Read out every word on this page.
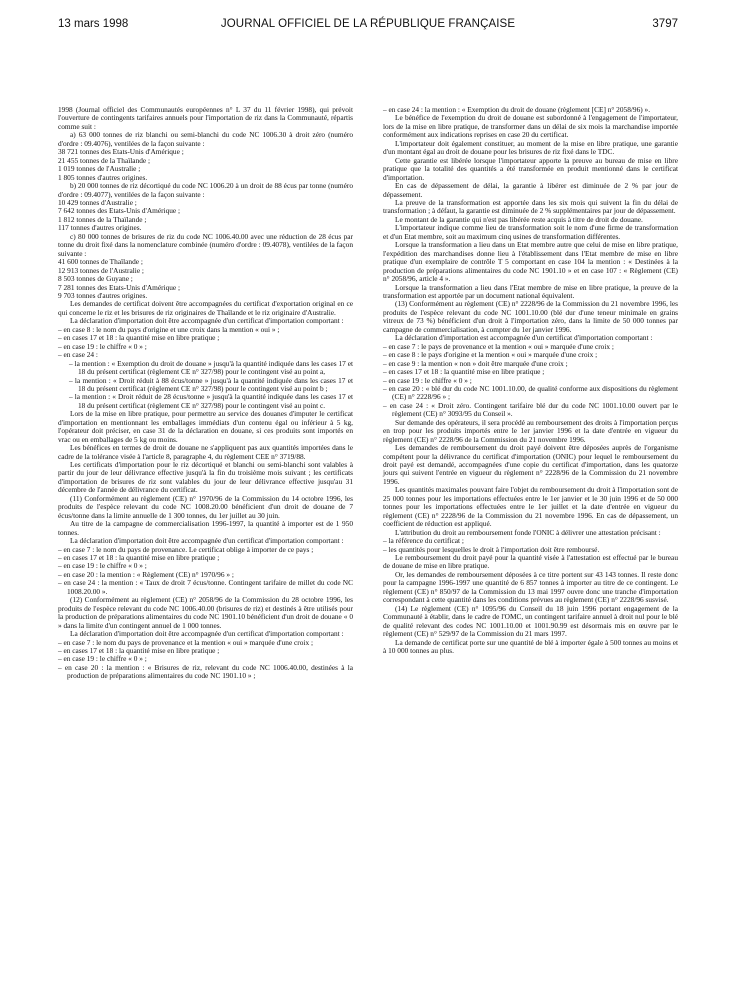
13 mars 1998	JOURNAL OFFICIEL DE LA RÉPUBLIQUE FRANÇAISE	3797

1998 (Journal officiel des Communautés européennes n° L 37 du 11 février 1998), qui prévoit l'ouverture de contingents tarifaires annuels pour l'importation de riz dans la Communauté, répartis comme suit :

a) 63 000 tonnes de riz blanchi ou semi-blanchi du code NC 1006.30 à droit zéro (numéro d'ordre : 09.4076), ventilées de la façon suivante :

38 721 tonnes des Etats-Unis d'Amérique ;

21 455 tonnes de la Thaïlande ;

1 019 tonnes de l'Australie ;

1 805 tonnes d'autres origines.

b) 20 000 tonnes de riz décortiqué du code NC 1006.20 à un droit de 88 écus par tonne (numéro d'ordre : 09.4077), ventilées de la façon suivante :

10 429 tonnes d'Australie ;

7 642 tonnes des Etats-Unis d'Amérique ;

1 812 tonnes de la Thaïlande ;

117 tonnes d'autres origines.

c) 80 000 tonnes de brisures de riz du code NC 1006.40.00 avec une réduction de 28 écus par tonne du droit fixé dans la nomenclature combinée (numéro d'ordre : 09.4078), ventilées de la façon suivante :

41 600 tonnes de Thaïlande ;

12 913 tonnes de l'Australie ;

8 503 tonnes de Guyane ;

7 281 tonnes des Etats-Unis d'Amérique ;

9 703 tonnes d'autres origines.

Les demandes de certificat doivent être accompagnées du certificat d'exportation original en ce qui concerne le riz et les brisures de riz originaires de Thaïlande et le riz originaire d'Australie.

La déclaration d'importation doit être accompagnée d'un certificat d'importation comportant :

– en case 8 : le nom du pays d'origine et une croix dans la mention « oui » ;

– en cases 17 et 18 : la quantité mise en libre pratique ;

– en case 19 : le chiffre « 0 » ;

– en case 24 :

– la mention : « Exemption du droit de douane » jusqu'à la quantité indiquée dans les cases 17 et 18 du présent certificat (règlement CE n° 327/98) pour le contingent visé au point a,

– la mention : « Droit réduit à 88 écus/tonne » jusqu'à la quantité indiquée dans les cases 17 et 18 du présent certificat (règlement CE n° 327/98) pour le contingent visé au point b ;

– la mention : « Droit réduit de 28 écus/tonne » jusqu'à la quantité indiquée dans les cases 17 et 18 du présent certificat (règlement CE n° 327/98) pour le contingent visé au point c.

Lors de la mise en libre pratique, pour permettre au service des douanes d'imputer le certificat d'importation en mentionnant les emballages immédiats d'un contenu égal ou inférieur à 5 kg, l'opérateur doit préciser, en case 31 de la déclaration en douane, si ces produits sont importés en vrac ou en emballages de 5 kg ou moins.

Les bénéfices en termes de droit de douane ne s'appliquent pas aux quantités importées dans le cadre de la tolérance visée à l'article 8, paragraphe 4, du règlement CEE n° 3719/88.

Les certificats d'importation pour le riz décortiqué et blanchi ou semi-blanchi sont valables à partir du jour de leur délivrance effective jusqu'à la fin du troisième mois suivant ; les certificats d'importation de brisures de riz sont valables du jour de leur délivrance effective jusqu'au 31 décembre de l'année de délivrance du certificat.

(11) Conformément au règlement (CE) n° 1970/96 de la Commission du 14 octobre 1996, les produits de l'espèce relevant du code NC 1008.20.00 bénéficient d'un droit de douane de 7 écus/tonne dans la limite annuelle de 1 300 tonnes, du 1er juillet au 30 juin.

Au titre de la campagne de commercialisation 1996-1997, la quantité à importer est de 1 950 tonnes.

La déclaration d'importation doit être accompagnée d'un certificat d'importation comportant :

– en case 7 : le nom du pays de provenance. Le certificat oblige à importer de ce pays ;

– en cases 17 et 18 : la quantité mise en libre pratique ;

– en case 19 : le chiffre « 0 » ;

– en case 20 : la mention : « Règlement (CE) n° 1970/96 » ;

– en case 24 : la mention : « Taux de droit 7 écus/tonne. Contingent tarifaire de millet du code NC 1008.20.00 ».

(12) Conformément au règlement (CE) n° 2058/96 de la Commission du 28 octobre 1996, les produits de l'espèce relevant du code NC 1006.40.00 (brisures de riz) et destinés à être utilisés pour la production de préparations alimentaires du code NC 1901.10 bénéficient d'un droit de douane « 0 » dans la limite d'un contingent annuel de 1 000 tonnes.

La déclaration d'importation doit être accompagnée d'un certificat d'importation comportant :

– en case 7 : le nom du pays de provenance et la mention « oui » marquée d'une croix ;

– en cases 17 et 18 : la quantité mise en libre pratique ;

– en case 19 : le chiffre « 0 » ;

– en case 20 : la mention : « Brisures de riz, relevant du code NC 1006.40.00, destinées à la production de préparations alimentaires du code NC 1901.10 » ;

– en case 24 : la mention : « Exemption du droit de douane (règlement [CE] n° 2058/96) ».

Le bénéfice de l'exemption du droit de douane est subordonné à l'engagement de l'importateur, lors de la mise en libre pratique, de transformer dans un délai de six mois la marchandise importée conformément aux indications reprises en case 20 du certificat.

L'importateur doit également constituer, au moment de la mise en libre pratique, une garantie d'un montant égal au droit de douane pour les brisures de riz fixé dans le TDC.

Cette garantie est libérée lorsque l'importateur apporte la preuve au bureau de mise en libre pratique que la totalité des quantités a été transformée en produit mentionné dans le certificat d'importation.

En cas de dépassement de délai, la garantie à libérer est diminuée de 2 % par jour de dépassement.

La preuve de la transformation est apportée dans les six mois qui suivent la fin du délai de transformation ; à défaut, la garantie est diminuée de 2 % supplémentaires par jour de dépassement.

Le montant de la garantie qui n'est pas libérée reste acquis à titre de droit de douane.

L'importateur indique comme lieu de transformation soit le nom d'une firme de transformation et d'un Etat membre, soit au maximum cinq usines de transformation différentes.

Lorsque la transformation a lieu dans un Etat membre autre que celui de mise en libre pratique, l'expédition des marchandises donne lieu à l'établissement dans l'Etat membre de mise en libre pratique d'un exemplaire de contrôle T 5 comportant en case 104 la mention : « Destinées à la production de préparations alimentaires du code NC 1901.10 » et en case 107 : « Règlement (CE) n° 2058/96, article 4 ».

Lorsque la transformation a lieu dans l'Etat membre de mise en libre pratique, la preuve de la transformation est apportée par un document national équivalent.

(13) Conformément au règlement (CE) n° 2228/96 de la Commission du 21 novembre 1996, les produits de l'espèce relevant du code NC 1001.10.00 (blé dur d'une teneur minimale en grains vitreux de 73 %) bénéficient d'un droit à l'importation zéro, dans la limite de 50 000 tonnes par campagne de commercialisation, à compter du 1er janvier 1996.

La déclaration d'importation est accompagnée d'un certificat d'importation comportant :

– en case 7 : le pays de provenance et la mention « oui » marquée d'une croix ;

– en case 8 : le pays d'origine et la mention « oui » marquée d'une croix ;

– en case 9 : la mention « non » doit être marquée d'une croix ;

– en cases 17 et 18 : la quantité mise en libre pratique ;

– en case 19 : le chiffre « 0 » ;

– en case 20 : « blé dur du code NC 1001.10.00, de qualité conforme aux dispositions du règlement (CE) n° 2228/96 » ;

– en case 24 : « Droit zéro. Contingent tarifaire blé dur du code NC 1001.10.00 ouvert par le règlement (CE) n° 3093/95 du Conseil ».

Sur demande des opérateurs, il sera procédé au remboursement des droits à l'importation perçus en trop pour les produits importés entre le 1er janvier 1996 et la date d'entrée en vigueur du règlement (CE) n° 2228/96 de la Commission du 21 novembre 1996.

Les demandes de remboursement du droit payé doivent être déposées auprès de l'organisme compétent pour la délivrance du certificat d'importation (ONIC) pour lequel le remboursement du droit payé est demandé, accompagnées d'une copie du certificat d'importation, dans les quatorze jours qui suivent l'entrée en vigueur du règlement n° 2228/96 de la Commission du 21 novembre 1996.

Les quantités maximales pouvant faire l'objet du remboursement du droit à l'importation sont de 25 000 tonnes pour les importations effectuées entre le 1er janvier et le 30 juin 1996 et de 50 000 tonnes pour les importations effectuées entre le 1er juillet et la date d'entrée en vigueur du règlement (CE) n° 2228/96 de la Commission du 21 novembre 1996. En cas de dépassement, un coefficient de réduction est appliqué.

L'attribution du droit au remboursement fonde l'ONIC à délivrer une attestation précisant :

– la référence du certificat ;

– les quantités pour lesquelles le droit à l'importation doit être remboursé.

Le remboursement du droit payé pour la quantité visée à l'attestation est effectué par le bureau de douane de mise en libre pratique.

Or, les demandes de remboursement déposées à ce titre portent sur 43 143 tonnes. Il reste donc pour la campagne 1996-1997 une quantité de 6 857 tonnes à importer au titre de ce contingent. Le règlement (CE) n° 850/97 de la Commission du 13 mai 1997 ouvre donc une tranche d'importation correspondant à cette quantité dans les conditions prévues au règlement (CE) n° 2228/96 susvisé.

(14) Le règlement (CE) n° 1095/96 du Conseil du 18 juin 1996 portant engagement de la Communauté à établir, dans le cadre de l'OMC, un contingent tarifaire annuel à droit nul pour le blé de qualité relevant des codes NC 1001.10.00 et 1001.90.99 est désormais mis en œuvre par le règlement (CE) n° 529/97 de la Commission du 21 mars 1997.

La demande de certificat porte sur une quantité de blé à importer égale à 500 tonnes au moins et à 10 000 tonnes au plus.
